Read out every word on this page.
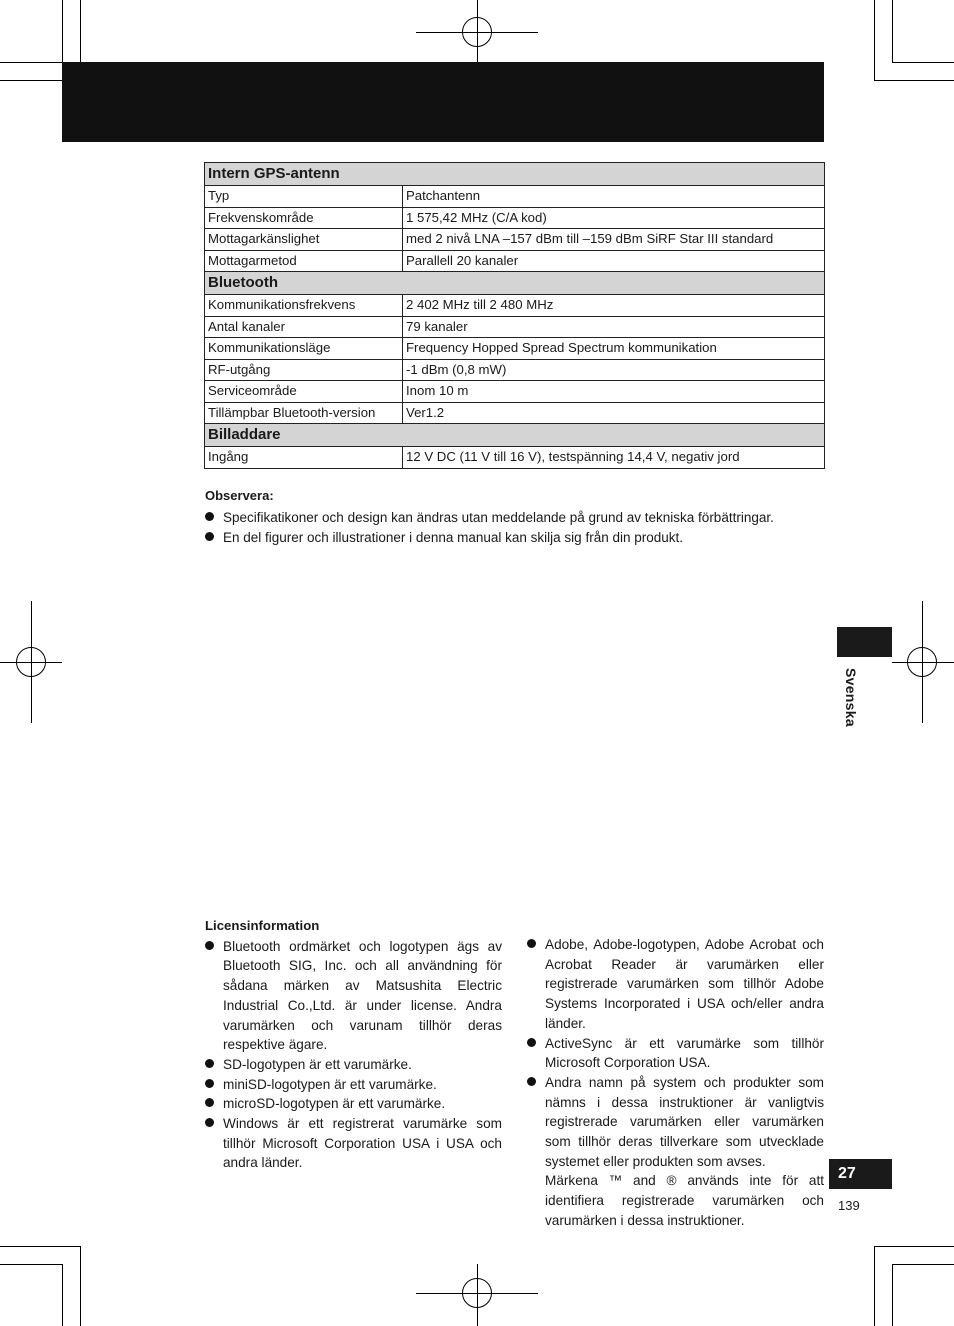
Intern GPS-antenn	
Typ	Patchantenn
Frekvenskområde	1 575,42 MHz (C/A kod)
Mottagarkänslighet	med 2 nivå LNA –157 dBm till –159 dBm SiRF Star III standard
Mottagarmetod	Parallell 20 kanaler
Bluetooth	
Kommunikationsfrekvens	2 402 MHz till 2 480 MHz
Antal kanaler	79 kanaler
Kommunikationsläge	Frequency Hopped Spread Spectrum kommunikation
RF-utgång	-1 dBm (0,8 mW)
Serviceområde	Inom 10 m
Tillämpbar Bluetooth-version	Ver1.2
Billaddare	
Ingång	12 V DC (11 V till 16 V), testspänning 14,4 V, negativ jord
Observera:
Specifikatikoner och design kan ändras utan meddelande på grund av tekniska förbättringar.
En del figurer och illustrationer i denna manual kan skilja sig från din produkt.
Licensinformation
Bluetooth ordmärket och logotypen ägs av Bluetooth SIG, Inc. och all användning för sådana märken av Matsushita Electric Industrial Co.,Ltd. är under license. Andra varumärken och varunam tillhör deras respektive ägare.
SD-logotypen är ett varumärke.
miniSD-logotypen är ett varumärke.
microSD-logotypen är ett varumärke.
Windows är ett registrerat varumärke som tillhör Microsoft Corporation USA i USA och andra länder.
Adobe, Adobe-logotypen, Adobe Acrobat och Acrobat Reader är varumärken eller registrerade varumärken som tillhör Adobe Systems Incorporated i USA och/eller andra länder.
ActiveSync är ett varumärke som tillhör Microsoft Corporation USA.
Andra namn på system och produkter som nämns i dessa instruktioner är vanligtvis registrerade varumärken eller varumärken som tillhör deras tillverkare som utvecklade systemet eller produkten som avses.
Märkena ™ and ® används inte för att identifiera registrerade varumärken och varumärken i dessa instruktioner.
Svenska
27
139
